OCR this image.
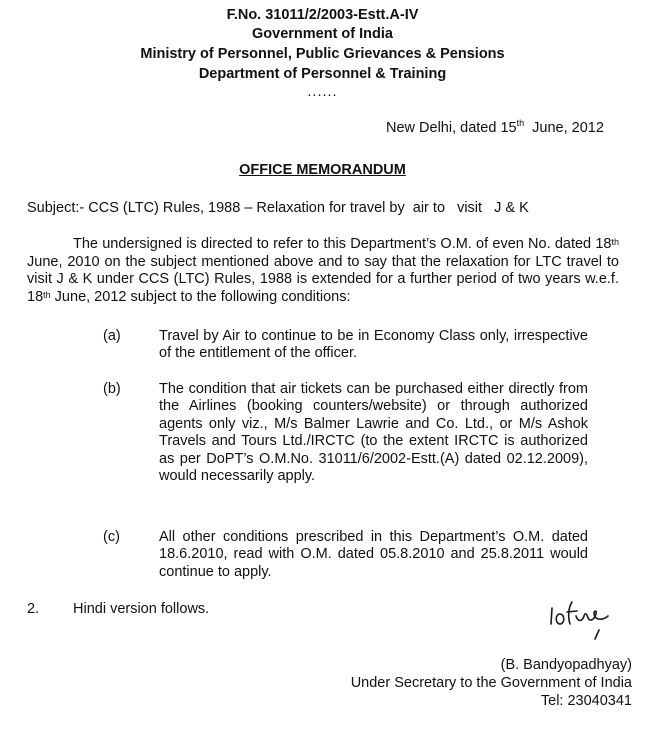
F.No. 31011/2/2003-Estt.A-IV
Government of India
Ministry of Personnel, Public Grievances & Pensions
Department of Personnel & Training
......
New Delhi, dated 15th June, 2012
OFFICE MEMORANDUM
Subject:- CCS (LTC) Rules, 1988 – Relaxation for travel by  air to   visit   J & K
The undersigned is directed to refer to this Department’s O.M. of even No. dated 18th June, 2010 on the subject mentioned above and to say that the relaxation for LTC travel to visit J & K under CCS (LTC) Rules, 1988 is extended for a further period of two years w.e.f. 18th June, 2012 subject to the following conditions:
(a)	Travel by Air to continue to be in Economy Class only, irrespective of the entitlement of the officer.
(b)	The condition that air tickets can be purchased either directly from the Airlines (booking counters/website) or through authorized agents only viz., M/s Balmer Lawrie and Co. Ltd., or M/s Ashok Travels and Tours Ltd./IRCTC (to the extent IRCTC is authorized as per DoPT’s O.M.No. 31011/6/2002-Estt.(A) dated 02.12.2009), would necessarily apply.
(c)	All other conditions prescribed in this Department’s O.M. dated 18.6.2010, read with O.M. dated 05.8.2010 and 25.8.2011 would continue to apply.
2. Hindi version follows.
(B. Bandyopadhyay)
Under Secretary to the Government of India
Tel: 23040341
